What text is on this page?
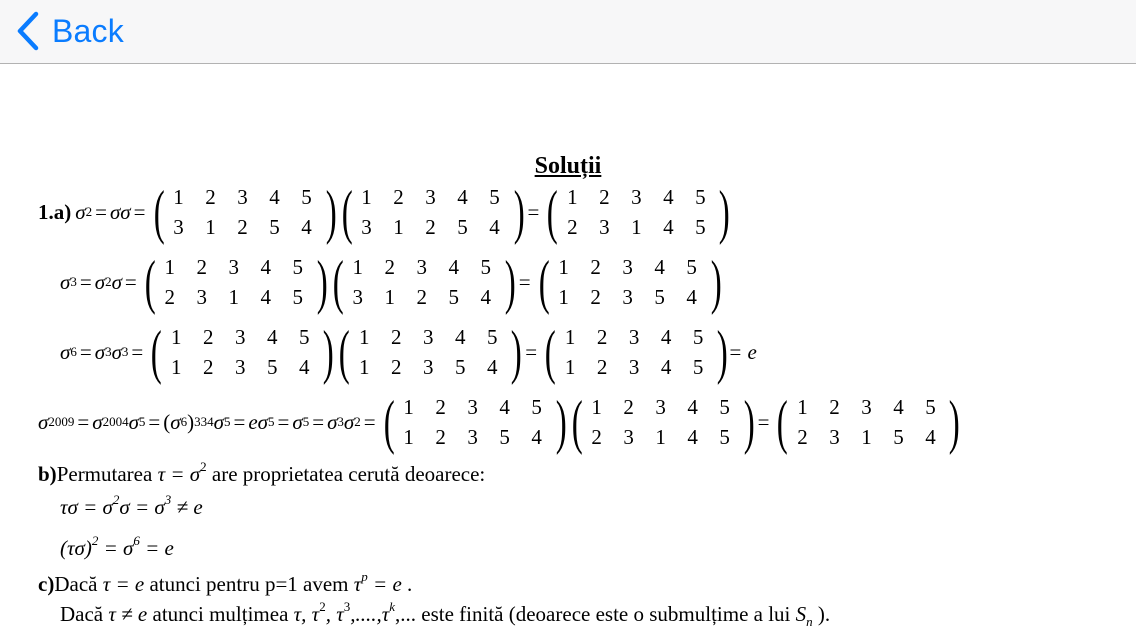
Back
Soluții
1.a) σ 2 = σσ = ( 1	2	3	4	5
3	1	2	5	4 ) ( 1	2	3	4	5
3	1	2	5	4 ) = ( 1	2	3	4	5
2	3	1	4	5 )
σ 3 = σ 2 σ = ( 1	2	3	4	5
2	3	1	4	5 ) ( 1	2	3	4	5
3	1	2	5	4 ) = ( 1	2	3	4	5
1	2	3	5	4 )
σ 6 = σ 3 σ 3 = ( 1	2	3	4	5
1	2	3	5	4 ) ( 1	2	3	4	5
1	2	3	5	4 ) = ( 1	2	3	4	5
1	2	3	4	5 ) = e
σ 2009 = σ 2004 σ 5 = ( σ 6 ) 334 σ 5 = eσ 5 = σ 5 = σ 3 σ 2 = ( 1	2	3	4	5
1	2	3	5	4 ) ( 1	2	3	4	5
2	3	1	4	5 ) = ( 1	2	3	4	5
2	3	1	5	4 )
b)Permutarea $\tau = \sigma^2$ are proprietatea cerută deoarece:
$\tau\sigma = \sigma^2\sigma = \sigma^3 \ne e$
$(\tau\sigma)^2 = \sigma^6 = e$
c)Dacă τ = e atunci pentru p=1 avem $\tau^p = e$ .
Dacă τ ≠ e atunci mulțimea τ, $\tau^2$, $\tau^3,....,\tau^k$,... este finită (deoarece este o submulțime a lui $S_n$ ).
